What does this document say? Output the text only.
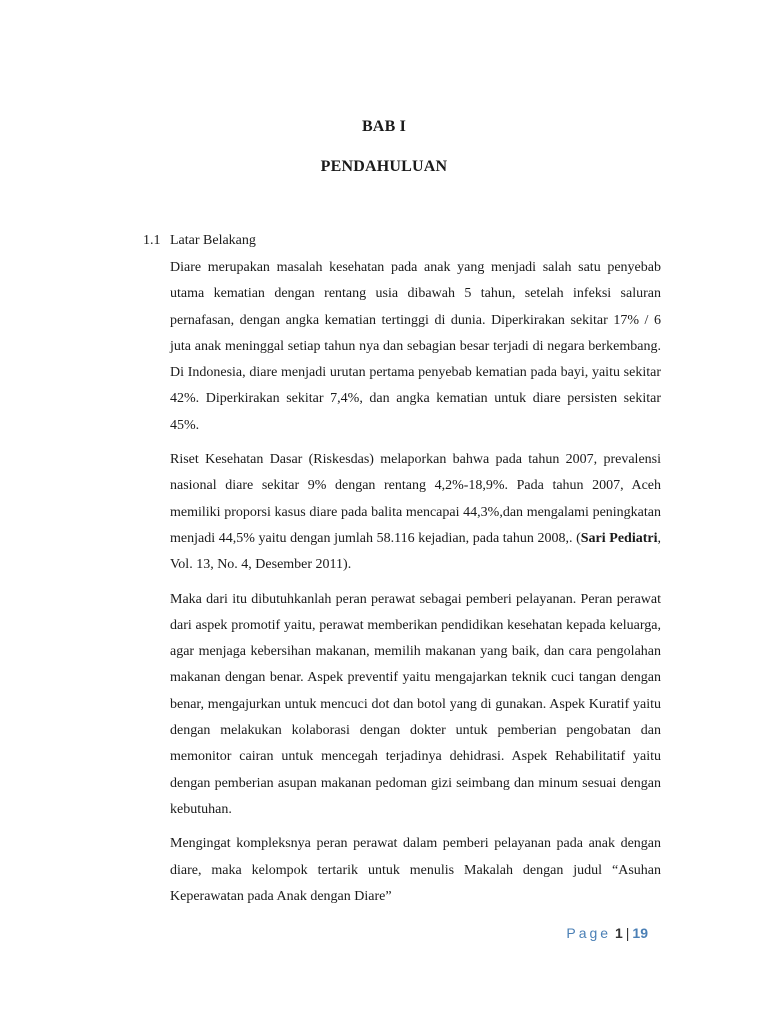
BAB I
PENDAHULUAN
1.1 Latar Belakang

Diare merupakan masalah kesehatan pada anak yang menjadi salah satu penyebab utama kematian dengan rentang usia dibawah 5 tahun, setelah infeksi saluran pernafasan, dengan angka kematian tertinggi di dunia. Diperkirakan sekitar 17% / 6 juta anak meninggal setiap tahun nya dan sebagian besar terjadi di negara berkembang. Di Indonesia, diare menjadi urutan pertama penyebab kematian pada bayi, yaitu sekitar 42%. Diperkirakan sekitar 7,4%, dan angka kematian untuk diare persisten sekitar 45%.

Riset Kesehatan Dasar (Riskesdas) melaporkan bahwa pada tahun 2007, prevalensi nasional diare sekitar 9% dengan rentang 4,2%-18,9%. Pada tahun 2007, Aceh memiliki proporsi kasus diare pada balita mencapai 44,3%,dan mengalami peningkatan menjadi 44,5% yaitu dengan jumlah 58.116 kejadian, pada tahun 2008,. (Sari Pediatri, Vol. 13, No. 4, Desember 2011).

Maka dari itu dibutuhkanlah peran perawat sebagai pemberi pelayanan. Peran perawat dari aspek promotif yaitu, perawat memberikan pendidikan kesehatan kepada keluarga, agar menjaga kebersihan makanan, memilih makanan yang baik, dan cara pengolahan makanan dengan benar. Aspek preventif yaitu mengajarkan teknik cuci tangan dengan benar, mengajurkan untuk mencuci dot dan botol yang di gunakan. Aspek Kuratif yaitu dengan melakukan kolaborasi dengan dokter untuk pemberian pengobatan dan memonitor cairan untuk mencegah terjadinya dehidrasi. Aspek Rehabilitatif yaitu dengan pemberian asupan makanan pedoman gizi seimbang dan minum sesuai dengan kebutuhan.

Mengingat kompleksnya peran perawat dalam pemberi pelayanan pada anak dengan diare, maka kelompok tertarik untuk menulis Makalah dengan judul “Asuhan Keperawatan pada Anak dengan Diare”

Page 1 | 19
